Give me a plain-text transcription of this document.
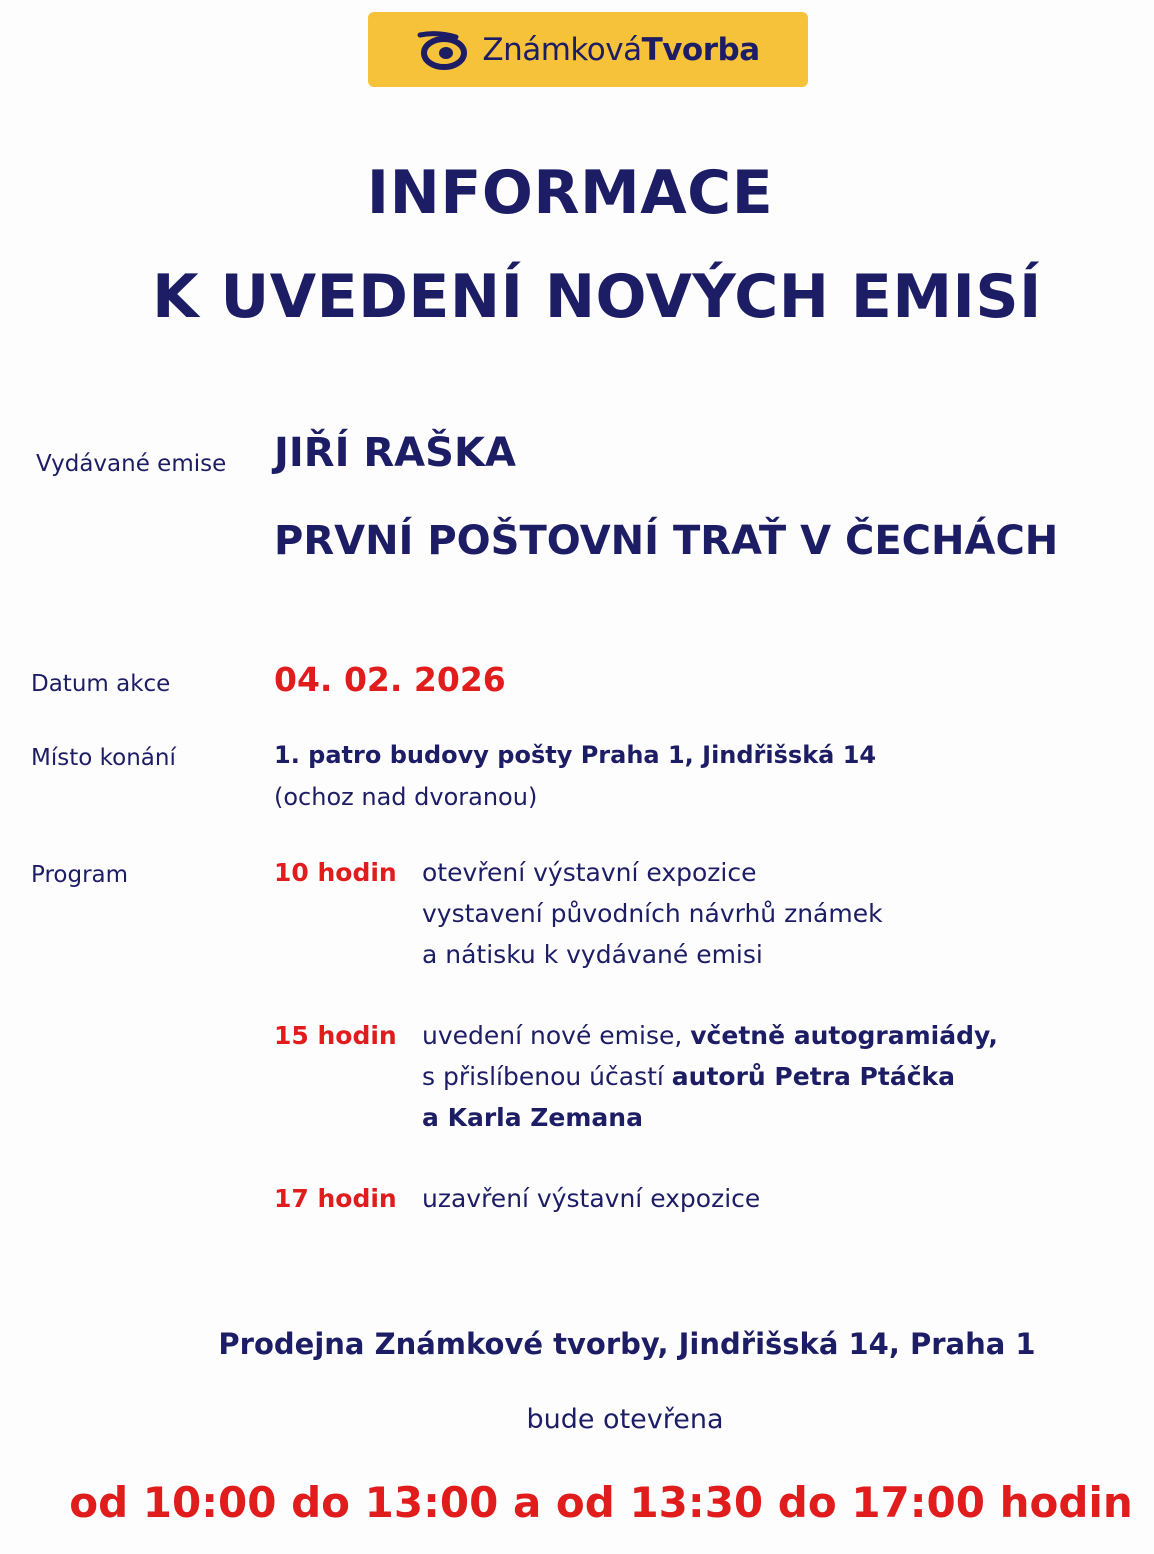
ZnámkováTvorba
INFORMACE
K UVEDENÍ NOVÝCH EMISÍ
Vydávané emise JIŘÍ RAŠKA
PRVNÍ POŠTOVNÍ TRAŤ V ČECHÁCH
Datum akce	04. 02. 2026
Místo konání	1. patro budovy pošty Praha 1, Jindřišská 14
(ochoz nad dvoranou)
Program	10 hodin otevření výstavní expozice
vystavení původních návrhů známek
a nátisku k vydávané emisi
15 hodin uvedení nové emise, včetně autogramiády,
s přislíbenou účastí autorů Petra Ptáčka
a Karla Zemana
17 hodin uzavření výstavní expozice
Prodejna Známkové tvorby, Jindřišská 14, Praha 1
bude otevřena
od 10:00 do 13:00 a od 13:30 do 17:00 hodin
